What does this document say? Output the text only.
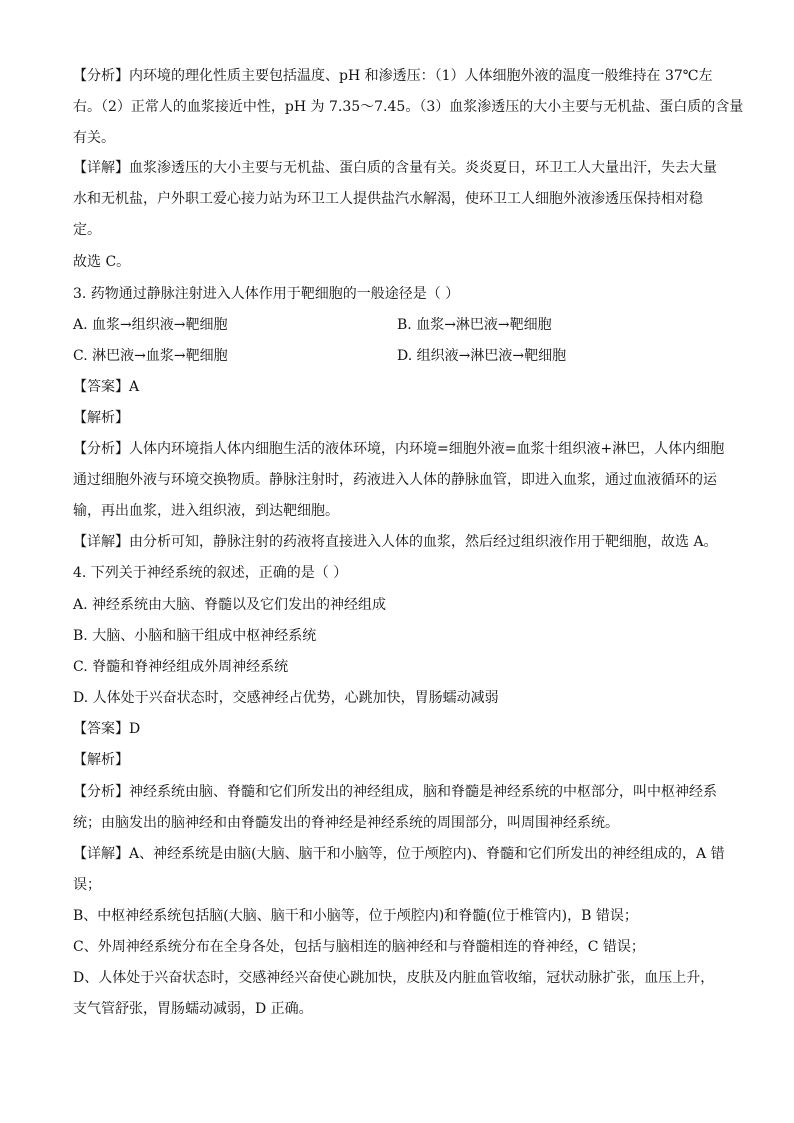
【分析】内环境的理化性质主要包括温度、pH 和渗透压：（1）人体细胞外液的温度一般维持在 37℃左
右。（2）正常人的血浆接近中性，pH 为 7.35～7.45。（3）血浆渗透压的大小主要与无机盐、蛋白质的含量
有关。
【详解】血浆渗透压的大小主要与无机盐、蛋白质的含量有关。炎炎夏日，环卫工人大量出汗，失去大量
水和无机盐，户外职工爱心接力站为环卫工人提供盐汽水解渴，使环卫工人细胞外液渗透压保持相对稳
定。
故选 C。
3. 药物通过静脉注射进入人体作用于靶细胞的一般途径是（ ）
A. 血浆→组织液→靶细胞	B. 血浆→淋巴液→靶细胞
C. 淋巴液→血浆→靶细胞	D. 组织液→淋巴液→靶细胞
【答案】A
【解析】
【分析】人体内环境指人体内细胞生活的液体环境，内环境=细胞外液=血浆十组织液+淋巴，人体内细胞
通过细胞外液与环境交换物质。静脉注射时，药液进入人体的静脉血管，即进入血浆，通过血液循环的运
输，再出血浆，进入组织液，到达靶细胞。
【详解】由分析可知，静脉注射的药液将直接进入人体的血浆，然后经过组织液作用于靶细胞，故选 A。
4. 下列关于神经系统的叙述，正确的是（ ）
A. 神经系统由大脑、脊髓以及它们发出的神经组成
B. 大脑、小脑和脑干组成中枢神经系统
C. 脊髓和脊神经组成外周神经系统
D. 人体处于兴奋状态时，交感神经占优势，心跳加快，胃肠蠕动减弱
【答案】D
【解析】
【分析】神经系统由脑、脊髓和它们所发出的神经组成，脑和脊髓是神经系统的中枢部分，叫中枢神经系
统；由脑发出的脑神经和由脊髓发出的脊神经是神经系统的周围部分，叫周围神经系统。
【详解】A、神经系统是由脑(大脑、脑干和小脑等，位于颅腔内)、脊髓和它们所发出的神经组成的，A 错
误；
B、中枢神经系统包括脑(大脑、脑干和小脑等，位于颅腔内)和脊髓(位于椎管内)，B 错误；
C、外周神经系统分布在全身各处，包括与脑相连的脑神经和与脊髓相连的脊神经，C 错误；
D、人体处于兴奋状态时，交感神经兴奋使心跳加快，皮肤及内脏血管收缩，冠状动脉扩张，血压上升，
支气管舒张，胃肠蠕动减弱，D 正确。
